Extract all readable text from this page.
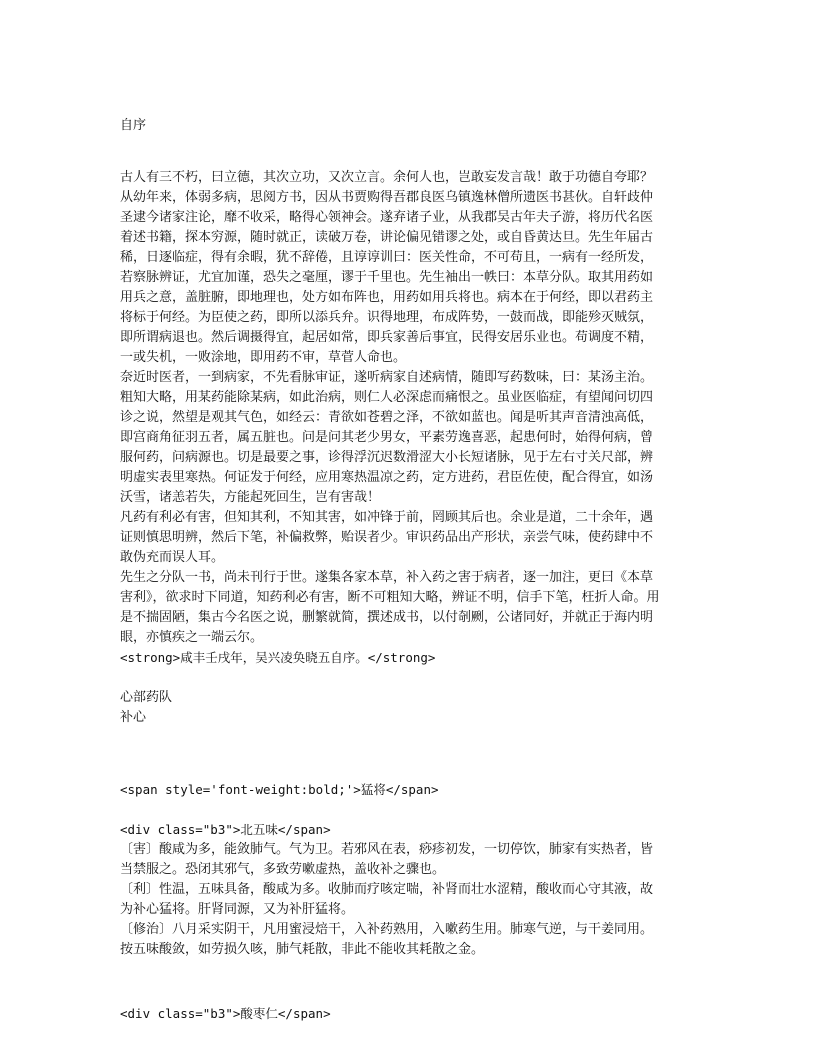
自序
古人有三不朽，曰立德，其次立功，又次立言。余何人也，岂敢妄发言哉！敢于功德自夸耶？
从幼年来，体弱多病，思阅方书，因从书贾购得吾郡良医乌镇逸林僧所遗医书甚伙。自轩歧仲
圣逮今诸家注论，靡不收采，略得心领神会。遂弃诸子业，从我郡吴古年夫子游，将历代名医
着述书籍，探本穷源，随时就正，读破万卷，讲论偏见错谬之处，或自昏黄达旦。先生年届古
稀，日逐临症，得有余暇，犹不辞倦，且谆谆训曰：医关性命，不可苟且，一病有一经所发，
若察脉辨证，尤宜加谨，恐失之毫厘，谬于千里也。先生袖出一帙曰：本草分队。取其用药如
用兵之意，盖脏腑，即地理也，处方如布阵也，用药如用兵将也。病本在于何经，即以君药主
将标于何经。为臣使之药，即所以添兵弁。识得地理，布成阵势，一鼓而战，即能殄灭贼氛，
即所谓病退也。然后调摄得宜，起居如常，即兵家善后事宜，民得安居乐业也。苟调度不精，
一或失机，一败涂地，即用药不审，草菅人命也。
奈近时医者，一到病家，不先看脉审证，遂听病家自述病情，随即写药数味，曰：某汤主治。
粗知大略，用某药能除某病，如此治病，则仁人必深虑而痛恨之。虽业医临症，有望闻问切四
诊之说，然望是观其气色，如经云：青欲如苍碧之泽，不欲如蓝也。闻是听其声音清浊高低，
即宫商角征羽五者，属五脏也。问是问其老少男女，平素劳逸喜恶，起患何时，始得何病，曾
服何药，问病源也。切是最要之事，诊得浮沉迟数滑涩大小长短诸脉，见于左右寸关尺部，辨
明虚实表里寒热。何证发于何经，应用寒热温凉之药，定方进药，君臣佐使，配合得宜，如汤
沃雪，诸恙若失，方能起死回生，岂有害哉！
凡药有利必有害，但知其利，不知其害，如冲锋于前，罔顾其后也。余业是道，二十余年，遇
证则慎思明辨，然后下笔，补偏救弊，贻误者少。审识药品出产形状，亲尝气味，使药肆中不
敢伪充而误人耳。
先生之分队一书，尚未刊行于世。遂集各家本草，补入药之害于病者，逐一加注，更曰《本草
害利》，欲求时下同道，知药利必有害，断不可粗知大略，辨证不明，信手下笔，枉折人命。用
是不揣固陋，集古今名医之说，删繁就简，撰述成书，以付剞劂，公诸同好，并就正于海内明
眼，亦慎疾之一端云尔。
<strong>咸丰壬戌年，吴兴凌奂晓五自序。</strong>
心部药队
补心
<span style='font-weight:bold;'>猛将</span>
<div class="b3">北五味</span>
〔害〕酸咸为多，能敛肺气。气为卫。若邪风在表，痧疹初发，一切停饮，肺家有实热者，皆
当禁服之。恐闭其邪气，多致劳嗽虚热，盖收补之骤也。
〔利〕性温，五味具备，酸咸为多。收肺而疗咳定喘，补肾而壮水涩精，酸收而心守其液，故
为补心猛将。肝肾同源，又为补肝猛将。
〔修治〕八月采实阴干，凡用蜜浸焙干，入补药熟用，入嗽药生用。肺寒气逆，与干姜同用。
按五味酸敛，如劳损久咳，肺气耗散，非此不能收其耗散之金。
<div class="b3">酸枣仁</span>
